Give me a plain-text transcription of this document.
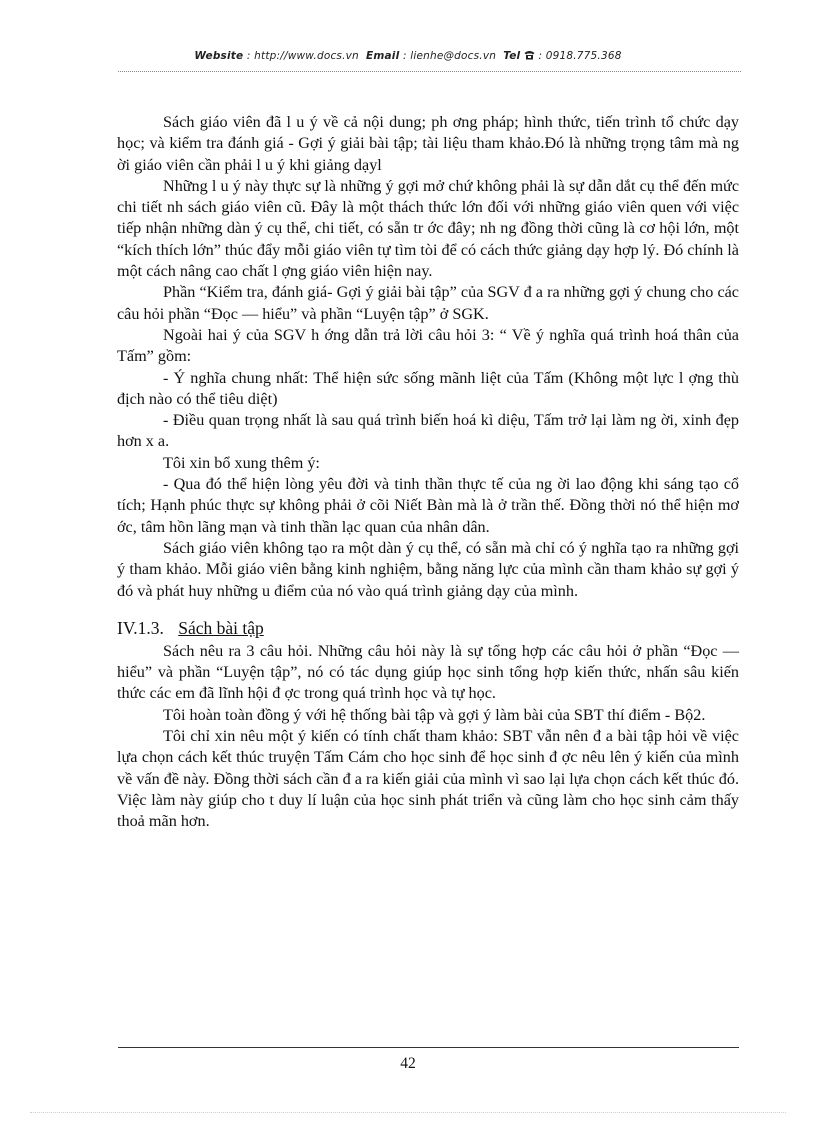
Website : http://www.docs.vn Email : lienhe@docs.vn Tel : 0918.775.368

Sách giáo viên đã l u ý về cả nội dung; ph ơng pháp; hình thức, tiến trình tổ chức dạy học; và kiểm tra đánh giá - Gợi ý giải bài tập; tài liệu tham khảo.Đó là những trọng tâm mà ng ời giáo viên cần phải l u ý khi giảng dạyl

Những l u ý này thực sự là những ý gợi mở chứ không phải là sự dẫn dắt cụ thể đến mức chi tiết nh sách giáo viên cũ. Đây là một thách thức lớn đối với những giáo viên quen với việc tiếp nhận những dàn ý cụ thể, chi tiết, có sẵn tr ớc đây; nh ng đồng thời cũng là cơ hội lớn, một “kích thích lớn” thúc đẩy mỗi giáo viên tự tìm tòi để có cách thức giảng dạy hợp lý. Đó chính là một cách nâng cao chất l ợng giáo viên hiện nay.

Phần “Kiểm tra, đánh giá- Gợi ý giải bài tập” của SGV đ a ra những gợi ý chung cho các câu hỏi phần “Đọc — hiểu” và phần “Luyện tập” ở SGK.

Ngoài hai ý của SGV h ớng dẫn trả lời câu hỏi 3: “ Về ý nghĩa quá trình hoá thân của Tấm” gồm:

- Ý nghĩa chung nhất: Thể hiện sức sống mãnh liệt của Tấm (Không một lực l ợng thù địch nào có thể tiêu diệt)

- Điều quan trọng nhất là sau quá trình biến hoá kì diệu, Tấm trở lại làm ng ời, xinh đẹp hơn x a.

Tôi xin bổ xung thêm ý:

- Qua đó thể hiện lòng yêu đời và tinh thần thực tế của ng ời lao động khi sáng tạo cổ tích; Hạnh phúc thực sự không phải ở cõi Niết Bàn mà là ở trần thế. Đồng thời nó thể hiện mơ ớc, tâm hồn lãng mạn và tinh thần lạc quan của nhân dân.

Sách giáo viên không tạo ra một dàn ý cụ thể, có sẵn mà chỉ có ý nghĩa tạo ra những gợi ý tham khảo. Mỗi giáo viên bằng kinh nghiệm, bằng năng lực của mình cần tham khảo sự gợi ý đó và phát huy những u điểm của nó vào quá trình giảng dạy của mình.

IV.1.3. Sách bài tập

Sách nêu ra 3 câu hỏi. Những câu hỏi này là sự tổng hợp các câu hỏi ở phần “Đọc — hiểu” và phần “Luyện tập”, nó có tác dụng giúp học sinh tổng hợp kiến thức, nhấn sâu kiến thức các em đã lĩnh hội đ ợc trong quá trình học và tự học.

Tôi hoàn toàn đồng ý với hệ thống bài tập và gợi ý làm bài của SBT thí điểm - Bộ2.

Tôi chỉ xin nêu một ý kiến có tính chất tham khảo: SBT vẫn nên đ a bài tập hỏi về việc lựa chọn cách kết thúc truyện Tấm Cám cho học sinh để học sinh đ ợc nêu lên ý kiến của mình về vấn đề này. Đồng thời sách cần đ a ra kiến giải của mình vì sao lại lựa chọn cách kết thúc đó. Việc làm này giúp cho t duy lí luận của học sinh phát triển và cũng làm cho học sinh cảm thấy thoả mãn hơn.

42
